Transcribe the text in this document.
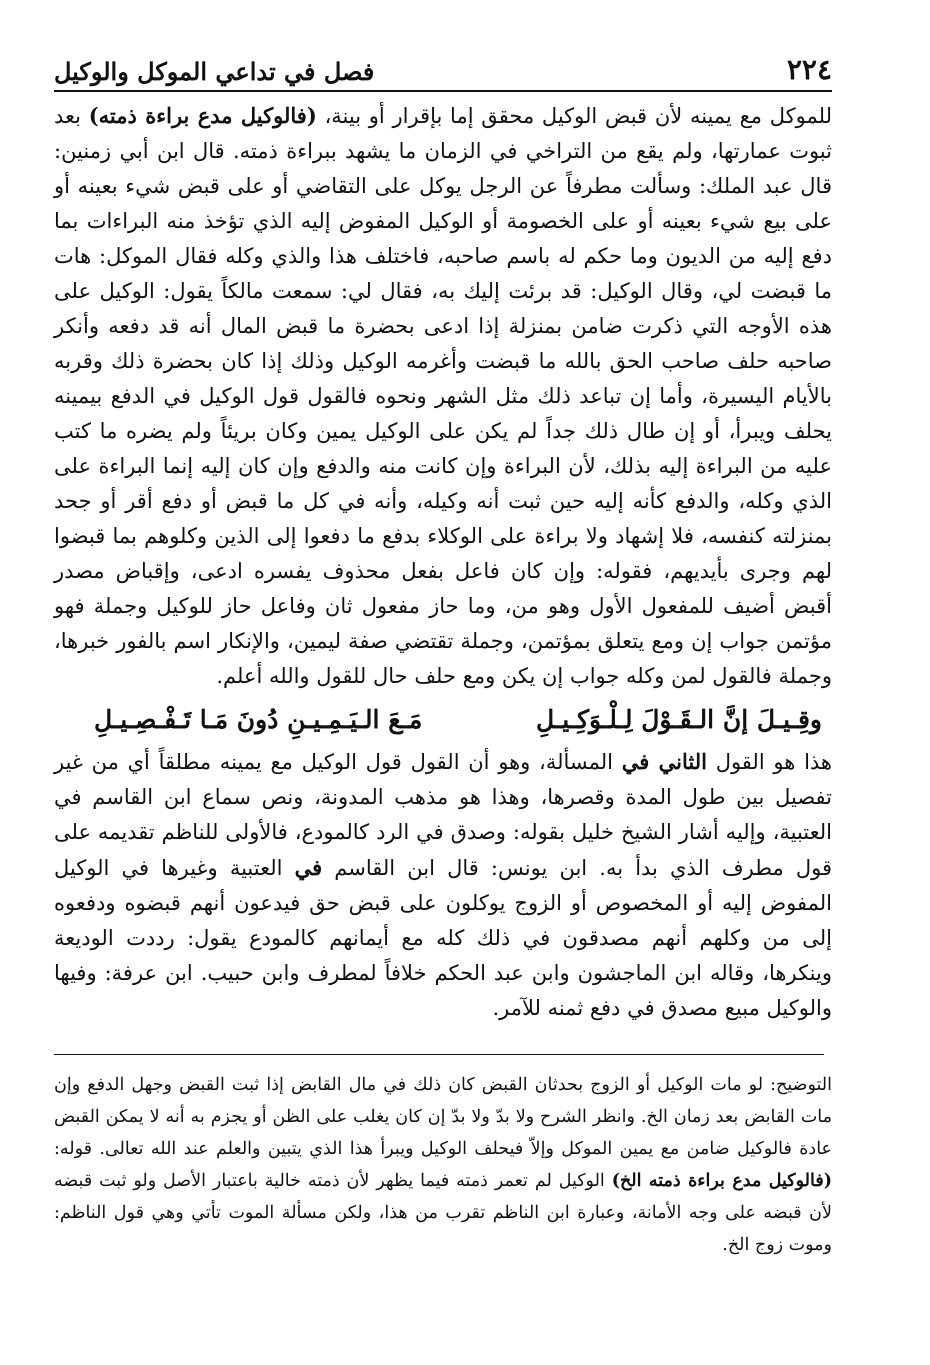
٢٢٤
فصل في تداعي الموكل والوكيل

للموكل مع يمينه لأن قبض الوكيل محقق إما بإقرار أو بينة، (فالوكيل مدع براءة ذمته) بعد ثبوت عمارتها، ولم يقع من التراخي في الزمان ما يشهد ببراءة ذمته. قال ابن أبي زمنين: قال عبد الملك: وسألت مطرفاً عن الرجل يوكل على التقاضي أو على قبض شيء بعينه أو على بيع شيء بعينه أو على الخصومة أو الوكيل المفوض إليه الذي تؤخذ منه البراءات بما دفع إليه من الديون وما حكم له باسم صاحبه، فاختلف هذا والذي وكله فقال الموكل: هات ما قبضت لي، وقال الوكيل: قد برئت إليك به، فقال لي: سمعت مالكاً يقول: الوكيل على هذه الأوجه التي ذكرت ضامن بمنزلة إذا ادعى بحضرة ما قبض المال أنه قد دفعه وأنكر صاحبه حلف صاحب الحق بالله ما قبضت وأغرمه الوكيل وذلك إذا كان بحضرة ذلك وقربه بالأيام اليسيرة، وأما إن تباعد ذلك مثل الشهر ونحوه فالقول قول الوكيل في الدفع بيمينه يحلف ويبرأ، أو إن طال ذلك جداً لم يكن على الوكيل يمين وكان بريئاً ولم يضره ما كتب عليه من البراءة إليه بذلك، لأن البراءة وإن كانت منه والدفع وإن كان إليه إنما البراءة على الذي وكله، والدفع كأنه إليه حين ثبت أنه وكيله، وأنه في كل ما قبض أو دفع أقر أو جحد بمنزلته كنفسه، فلا إشهاد ولا براءة على الوكلاء بدفع ما دفعوا إلى الذين وكلوهم بما قبضوا لهم وجرى بأيديهم، فقوله: وإن كان فاعل بفعل محذوف يفسره ادعى، وإقباض مصدر أقبض أضيف للمفعول الأول وهو من، وما حاز مفعول ثان وفاعل حاز للوكيل وجملة فهو مؤتمن جواب إن ومع يتعلق بمؤتمن، وجملة تقتضي صفة ليمين، والإنكار اسم بالفور خبرها، وجملة فالقول لمن وكله جواب إن يكن ومع حلف حال للقول والله أعلم.

وقِـيـلَ إنَّ الـقَـوْلَ لِـلْـوَكِـيـلِ
مَـعَ الـيَـمِـيـنِ دُونَ مَـا تَـفْـصِـيـلِ

هذا هو القول الثاني في المسألة، وهو أن القول قول الوكيل مع يمينه مطلقاً أي من غير تفصيل بين طول المدة وقصرها، وهذا هو مذهب المدونة، ونص سماع ابن القاسم في العتبية، وإليه أشار الشيخ خليل بقوله: وصدق في الرد كالمودع، فالأولى للناظم تقديمه على قول مطرف الذي بدأ به. ابن يونس: قال ابن القاسم في العتبية وغيرها في الوكيل المفوض إليه أو المخصوص أو الزوج يوكلون على قبض حق فيدعون أنهم قبضوه ودفعوه إلى من وكلهم أنهم مصدقون في ذلك كله مع أيمانهم كالمودع يقول: رددت الوديعة وينكرها، وقاله ابن الماجشون وابن عبد الحكم خلافاً لمطرف وابن حبيب. ابن عرفة: وفيها والوكيل مبيع مصدق في دفع ثمنه للآمر.

التوضيح: لو مات الوكيل أو الزوج بحدثان القبض كان ذلك في مال القابض إذا ثبت القبض وجهل الدفع وإن مات القابض بعد زمان الخ. وانظر الشرح ولا بدّ ولا بدّ إن كان يغلب على الظن أو يجزم به أنه لا يمكن القبض عادة فالوكيل ضامن مع يمين الموكل وإلاّ فيحلف الوكيل ويبرأ هذا الذي يتبين والعلم عند الله تعالى. قوله: (فالوكيل مدع براءة ذمته الخ) الوكيل لم تعمر ذمته فيما يظهر لأن ذمته خالية باعتبار الأصل ولو ثبت قبضه لأن قبضه على وجه الأمانة، وعبارة ابن الناظم تقرب من هذا، ولكن مسألة الموت تأتي وهي قول الناظم: وموت زوج الخ.
